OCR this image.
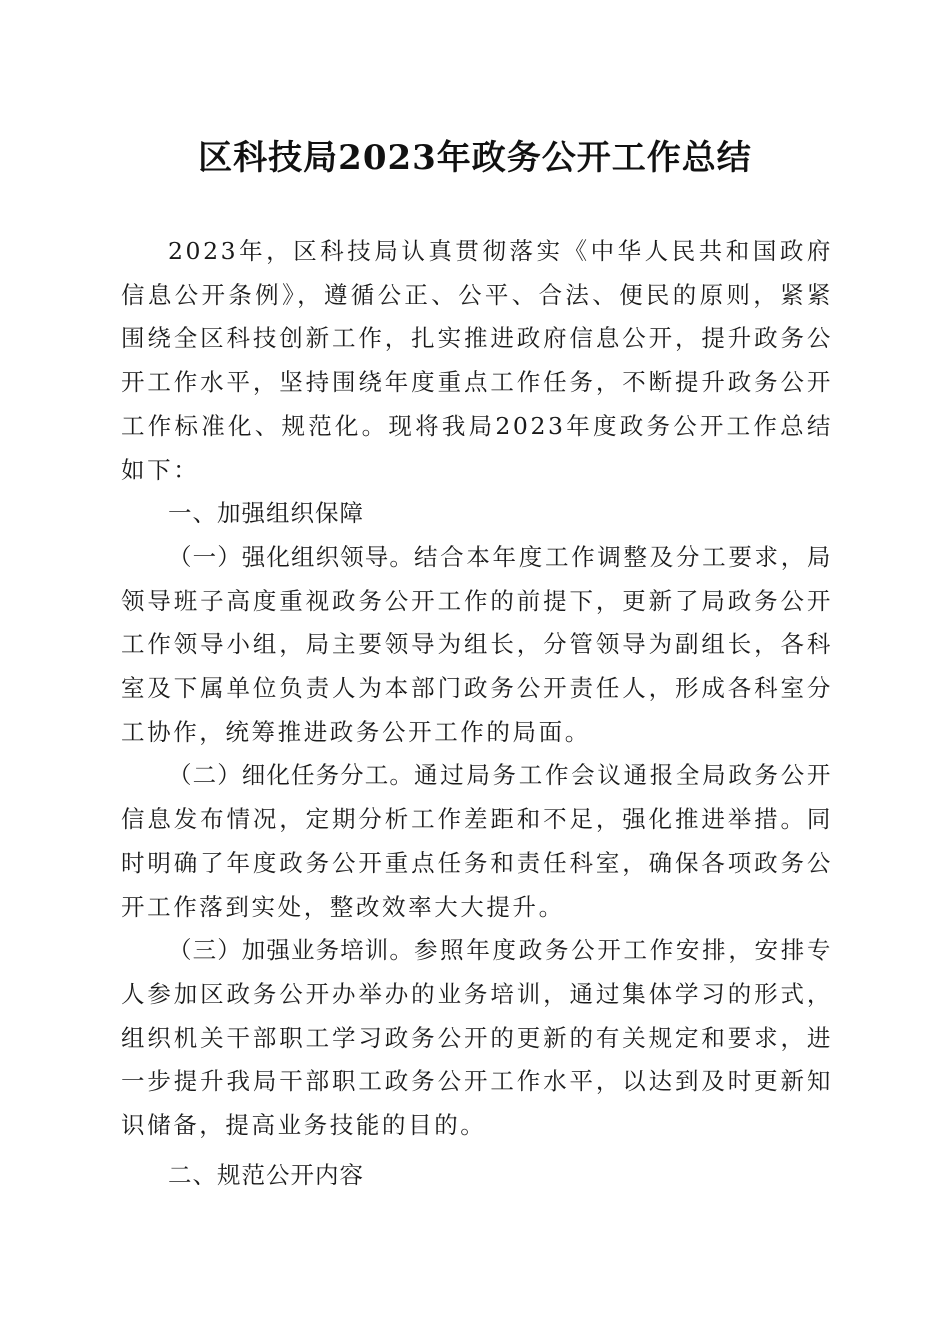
区科技局2023年政务公开工作总结

2023年，区科技局认真贯彻落实《中华人民共和国政府信息公开条例》，遵循公正、公平、合法、便民的原则，紧紧围绕全区科技创新工作，扎实推进政府信息公开，提升政务公开工作水平，坚持围绕年度重点工作任务，不断提升政务公开工作标准化、规范化。现将我局2023年度政务公开工作总结如下：

一、加强组织保障

（一）强化组织领导。结合本年度工作调整及分工要求，局领导班子高度重视政务公开工作的前提下，更新了局政务公开工作领导小组，局主要领导为组长，分管领导为副组长，各科室及下属单位负责人为本部门政务公开责任人，形成各科室分工协作，统筹推进政务公开工作的局面。

（二）细化任务分工。通过局务工作会议通报全局政务公开信息发布情况，定期分析工作差距和不足，强化推进举措。同时明确了年度政务公开重点任务和责任科室，确保各项政务公开工作落到实处，整改效率大大提升。

（三）加强业务培训。参照年度政务公开工作安排，安排专人参加区政务公开办举办的业务培训，通过集体学习的形式，组织机关干部职工学习政务公开的更新的有关规定和要求，进一步提升我局干部职工政务公开工作水平，以达到及时更新知识储备，提高业务技能的目的。

二、规范公开内容
